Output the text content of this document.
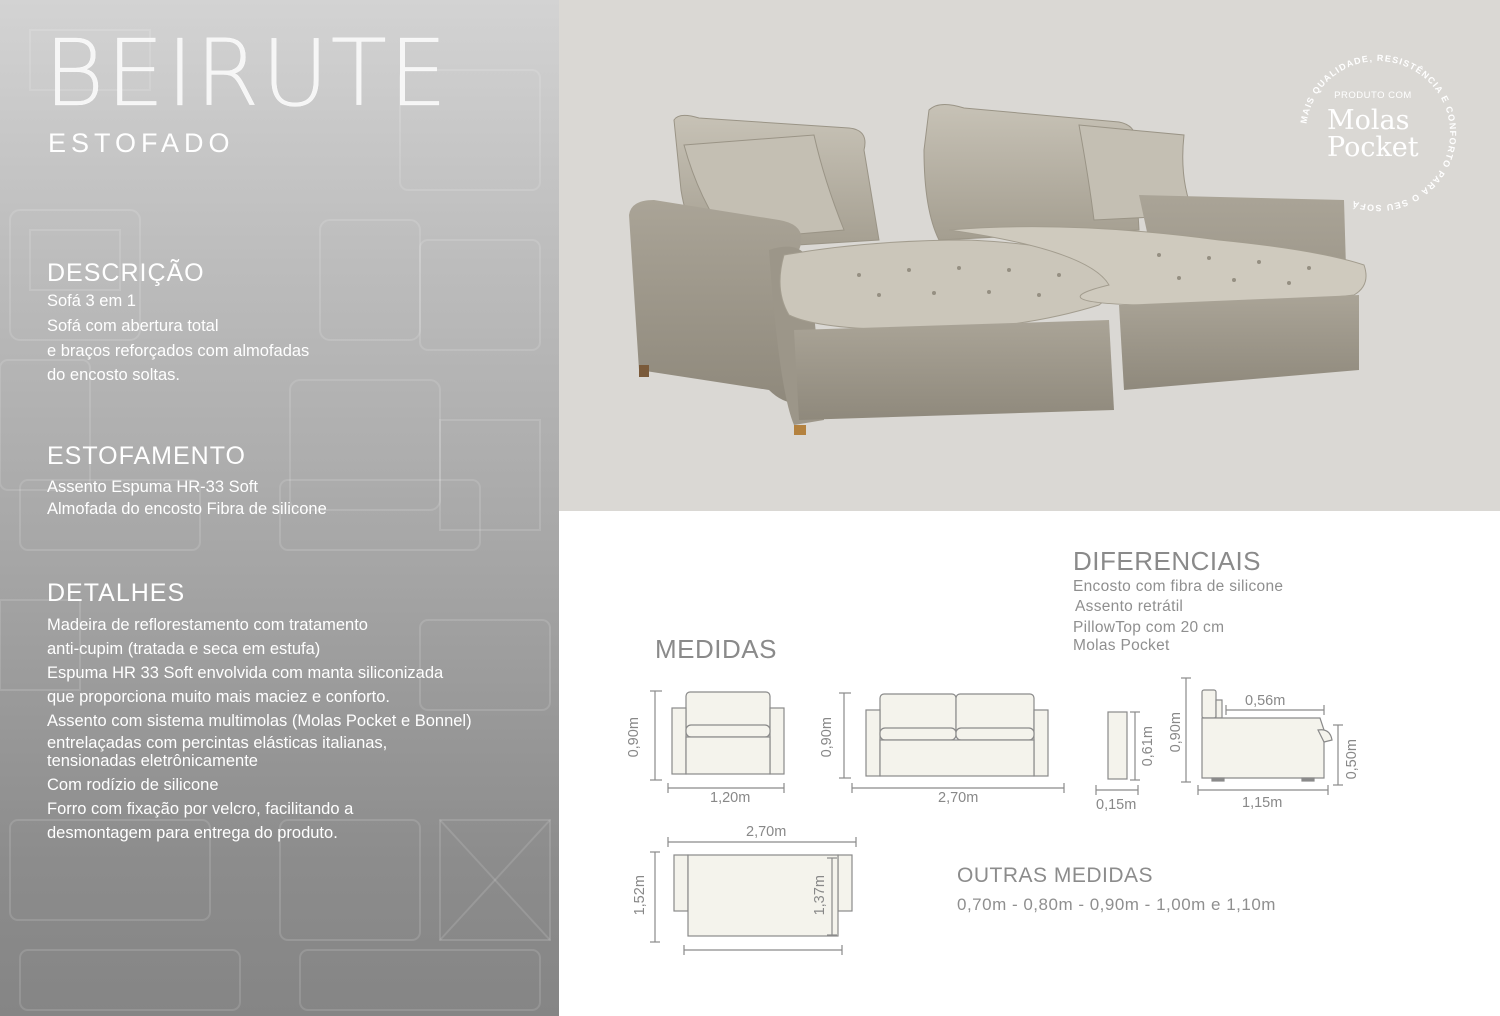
BEIRUTE
ESTOFADO
DESCRIÇÃO
Sofá 3 em 1
Sofá com abertura total
e braços reforçados com almofadas
do encosto soltas.
ESTOFAMENTO
Assento Espuma HR-33 Soft
Almofada do encosto Fibra de silicone
DETALHES
Madeira de reflorestamento com tratamento
anti-cupim (tratada e seca em estufa)
Espuma HR 33 Soft envolvida com manta siliconizada
que proporciona muito mais maciez e conforto.
Assento com sistema multimolas (Molas Pocket e Bonnel)
entrelaçadas com percintas elásticas italianas,
tensionadas eletrônicamente
Com rodízio de silicone
Forro com fixação por velcro, facilitando a
desmontagem para entrega do produto.
MAIS QUALIDADE, RESISTÊNCIA E CONFORTO PARA O SEU SOFÁ
PRODUTO COM
Molas
Pocket
DIFERENCIAIS
Encosto com fibra de silicone
Assento retrátil
PillowTop com 20 cm
Molas Pocket
MEDIDAS
0,90m
1,20m
0,90m
2,70m
0,61m
0,15m
0,90m
0,56m
0,50m
1,15m
2,70m
1,52m	1,37m	OUTRAS MEDIDAS
0,70m - 0,80m - 0,90m - 1,00m e 1,10m
